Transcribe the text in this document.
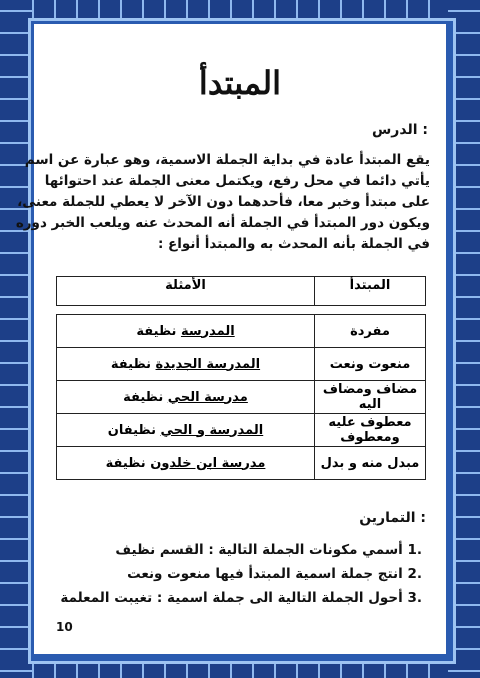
المبتدأ
الدرس :
يقع المبتدأ عادة في بداية الجملة الاسمية، وهو عبارة عن اسم
يأتي دائما في محل رفع، ويكتمل معنى الجملة عند احتوائها
على مبتدأ وخبر معا، فأحدهما دون الآخر لا يعطي للجملة معنى،
ويكون دور المبتدأ في الجملة أنه المحدث عنه ويلعب الخبر دوره
في الجملة بأنه المحدث به والمبتدأ أنواع :
المبتدأ	الأمثلة
مفردة	المدرسة نظيفة
منعوت ونعت	المدرسة الجديدة نظيفة
مضاف ومضاف اليه	مدرسة الحي نظيفة
معطوف عليه ومعطوف	المدرسة و الحي نظيفان
مبدل منه و بدل	مدرسة ابن خلدون نظيفة
التمارين :
.1 أسمي مكونات الجملة التالية : القسم نظيف
.2 انتج جملة اسمية المبتدأ فيها منعوت ونعت
.3 أحول الجملة التالية الى جملة اسمية : تغيبت المعلمة
10
